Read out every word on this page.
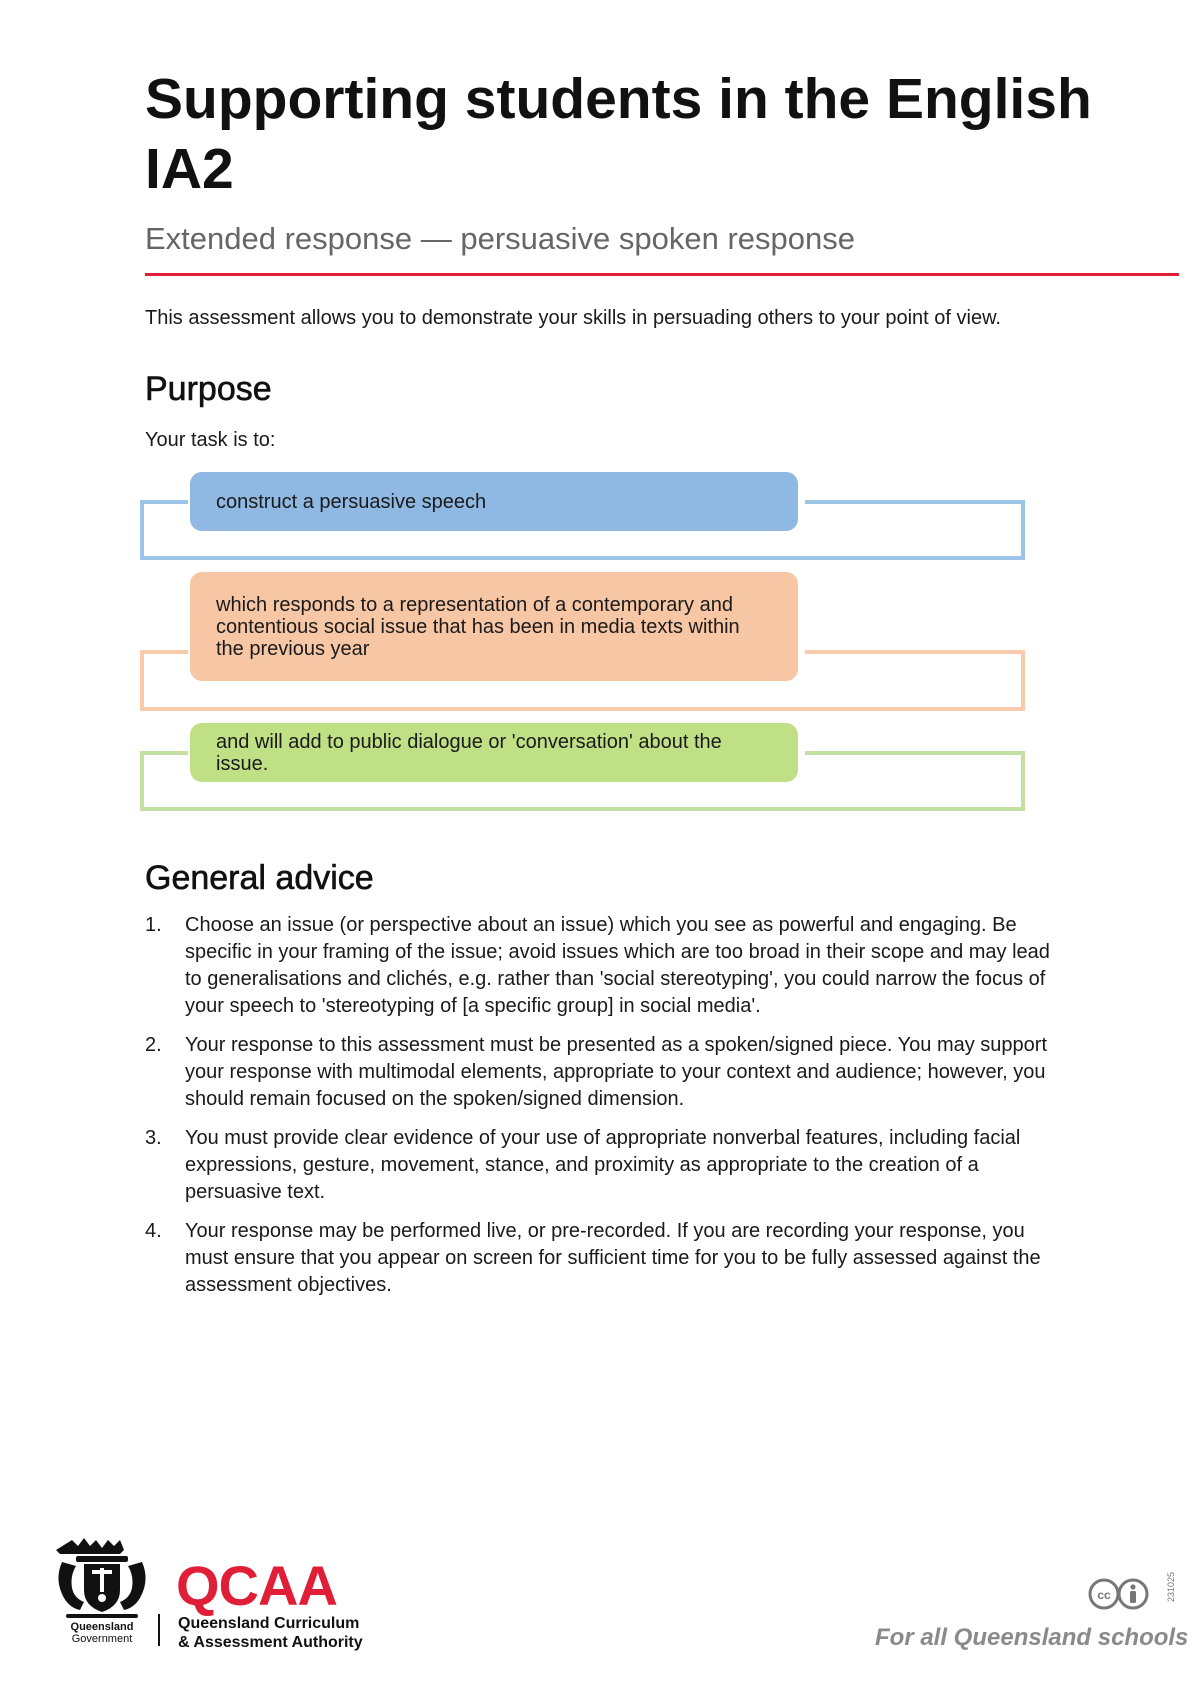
Supporting students in the English IA2

Extended response — persuasive spoken response

This assessment allows you to demonstrate your skills in persuading others to your point of view.
Purpose
Your task is to:
construct a persuasive speech
which responds to a representation of a contemporary and contentious social issue that has been in media texts within the previous year
and will add to public dialogue or 'conversation' about the issue.
General advice
1. Choose an issue (or perspective about an issue) which you see as powerful and engaging. Be specific in your framing of the issue; avoid issues which are too broad in their scope and may lead to generalisations and clichés, e.g. rather than 'social stereotyping', you could narrow the focus of your speech to 'stereotyping of [a specific group] in social media'.
2. Your response to this assessment must be presented as a spoken/signed piece. You may support your response with multimodal elements, appropriate to your context and audience; however, you should remain focused on the spoken/signed dimension.
3. You must provide clear evidence of your use of appropriate nonverbal features, including facial expressions, gesture, movement, stance, and proximity as appropriate to the creation of a persuasive text.
4. Your response may be performed live, or pre-recorded. If you are recording your response, you must ensure that you appear on screen for sufficient time for you to be fully assessed against the assessment objectives.
Queensland
Government
QCAA
Queensland Curriculum
& Assessment Authority
cc	231025
For all Queensland schools
